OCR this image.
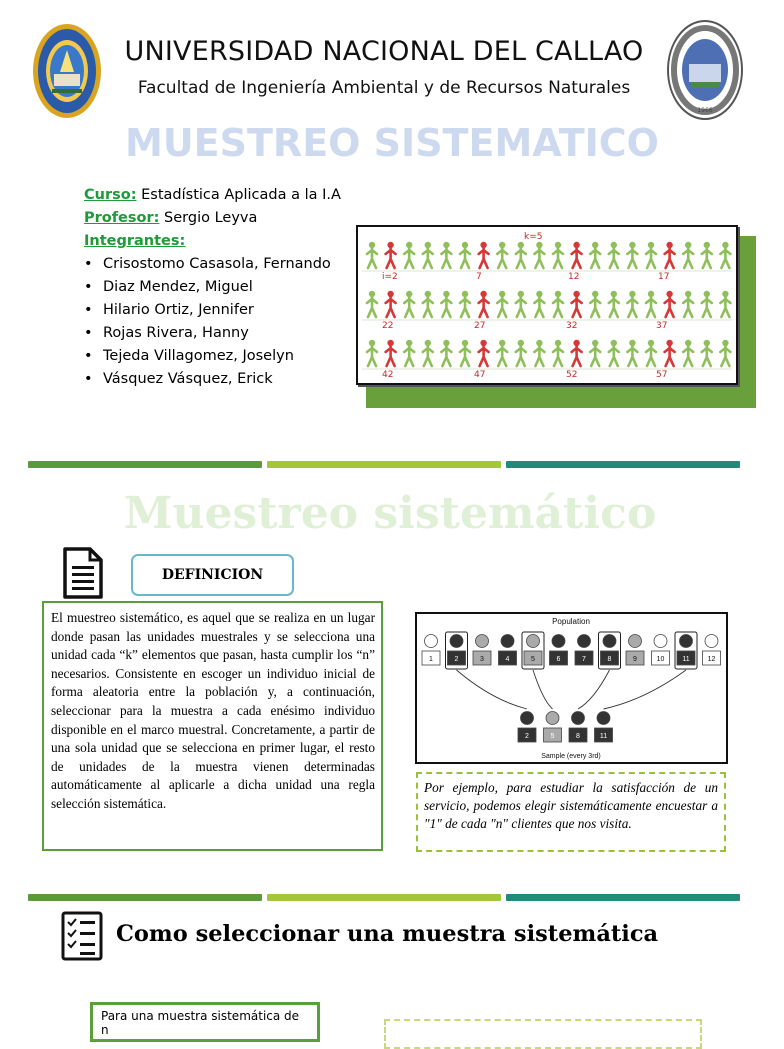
UNIVERSIDAD NACIONAL DEL CALLAO
Facultad de Ingeniería Ambiental y de Recursos Naturales
1966
MUESTREO SISTEMATICO
Curso: Estadística Aplicada a la I.A
Profesor: Sergio Leyva
Integrantes:
• Crisostomo Casasola, Fernando
• Diaz Mendez, Miguel
• Hilario Ortiz, Jennifer
• Rojas Rivera, Hanny
• Tejeda Villagomez, Joselyn
• Vásquez Vásquez, Erick
k=5
i=2	7	12	17
22	27	32	37
42	47	52	57
Muestreo sistemático
DEFINICION
El muestreo sistemático, es aquel que se realiza en un lugar donde pasan las unidades muestrales y se selecciona una unidad cada “k” elementos que pasan, hasta cumplir los “n” necesarios. Consistente en escoger un individuo inicial de forma aleatoria entre la población y, a continuación, seleccionar para la muestra a cada enésimo individuo disponible en el marco muestral. Concretamente, a partir de una sola unidad que se selecciona en primer lugar, el resto de unidades de la muestra vienen determinadas automáticamente al aplicarle a dicha unidad una regla selección sistemática.
Population
1	2	3	4	5	6	7	8	9	10	11	12
2	5	8	11
Sample (every 3rd)
Por ejemplo, para estudiar la satisfacción de un servicio, podemos elegir sistemáticamente encuestar a "1" de cada "n" clientes que nos visita.
Como seleccionar una muestra sistemática
Para una muestra sistemática de n
